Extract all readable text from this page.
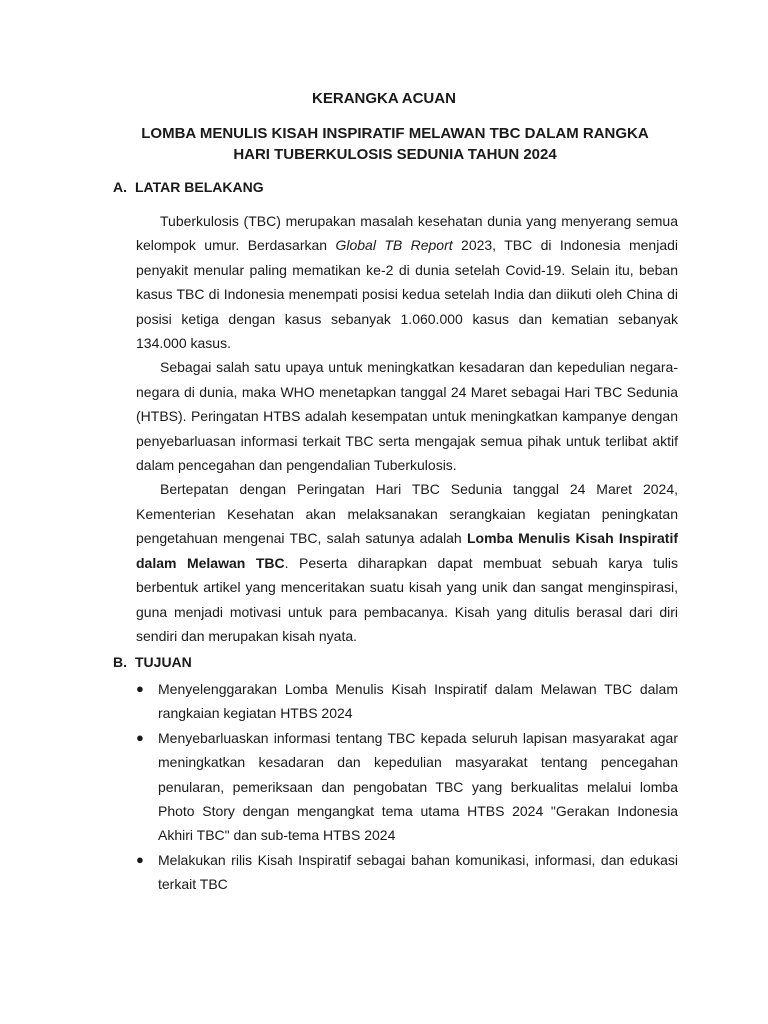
KERANGKA ACUAN
LOMBA MENULIS KISAH INSPIRATIF MELAWAN TBC DALAM RANGKA
HARI TUBERKULOSIS SEDUNIA TAHUN 2024
A. LATAR BELAKANG

Tuberkulosis (TBC) merupakan masalah kesehatan dunia yang menyerang semua kelompok umur. Berdasarkan Global TB Report 2023, TBC di Indonesia menjadi penyakit menular paling mematikan ke-2 di dunia setelah Covid-19. Selain itu, beban kasus TBC di Indonesia menempati posisi kedua setelah India dan diikuti oleh China di posisi ketiga dengan kasus sebanyak 1.060.000 kasus dan kematian sebanyak 134.000 kasus.

Sebagai salah satu upaya untuk meningkatkan kesadaran dan kepedulian negara-negara di dunia, maka WHO menetapkan tanggal 24 Maret sebagai Hari TBC Sedunia (HTBS). Peringatan HTBS adalah kesempatan untuk meningkatkan kampanye dengan penyebarluasan informasi terkait TBC serta mengajak semua pihak untuk terlibat aktif dalam pencegahan dan pengendalian Tuberkulosis.

Bertepatan dengan Peringatan Hari TBC Sedunia tanggal 24 Maret 2024, Kementerian Kesehatan akan melaksanakan serangkaian kegiatan peningkatan pengetahuan mengenai TBC, salah satunya adalah Lomba Menulis Kisah Inspiratif dalam Melawan TBC. Peserta diharapkan dapat membuat sebuah karya tulis berbentuk artikel yang menceritakan suatu kisah yang unik dan sangat menginspirasi, guna menjadi motivasi untuk para pembacanya. Kisah yang ditulis berasal dari diri sendiri dan merupakan kisah nyata.

B. TUJUAN
● Menyelenggarakan Lomba Menulis Kisah Inspiratif dalam Melawan TBC dalam rangkaian kegiatan HTBS 2024
● Menyebarluaskan informasi tentang TBC kepada seluruh lapisan masyarakat agar meningkatkan kesadaran dan kepedulian masyarakat tentang pencegahan penularan, pemeriksaan dan pengobatan TBC yang berkualitas melalui lomba Photo Story dengan mengangkat tema utama HTBS 2024 "Gerakan Indonesia Akhiri TBC" dan sub-tema HTBS 2024
● Melakukan rilis Kisah Inspiratif sebagai bahan komunikasi, informasi, dan edukasi terkait TBC
